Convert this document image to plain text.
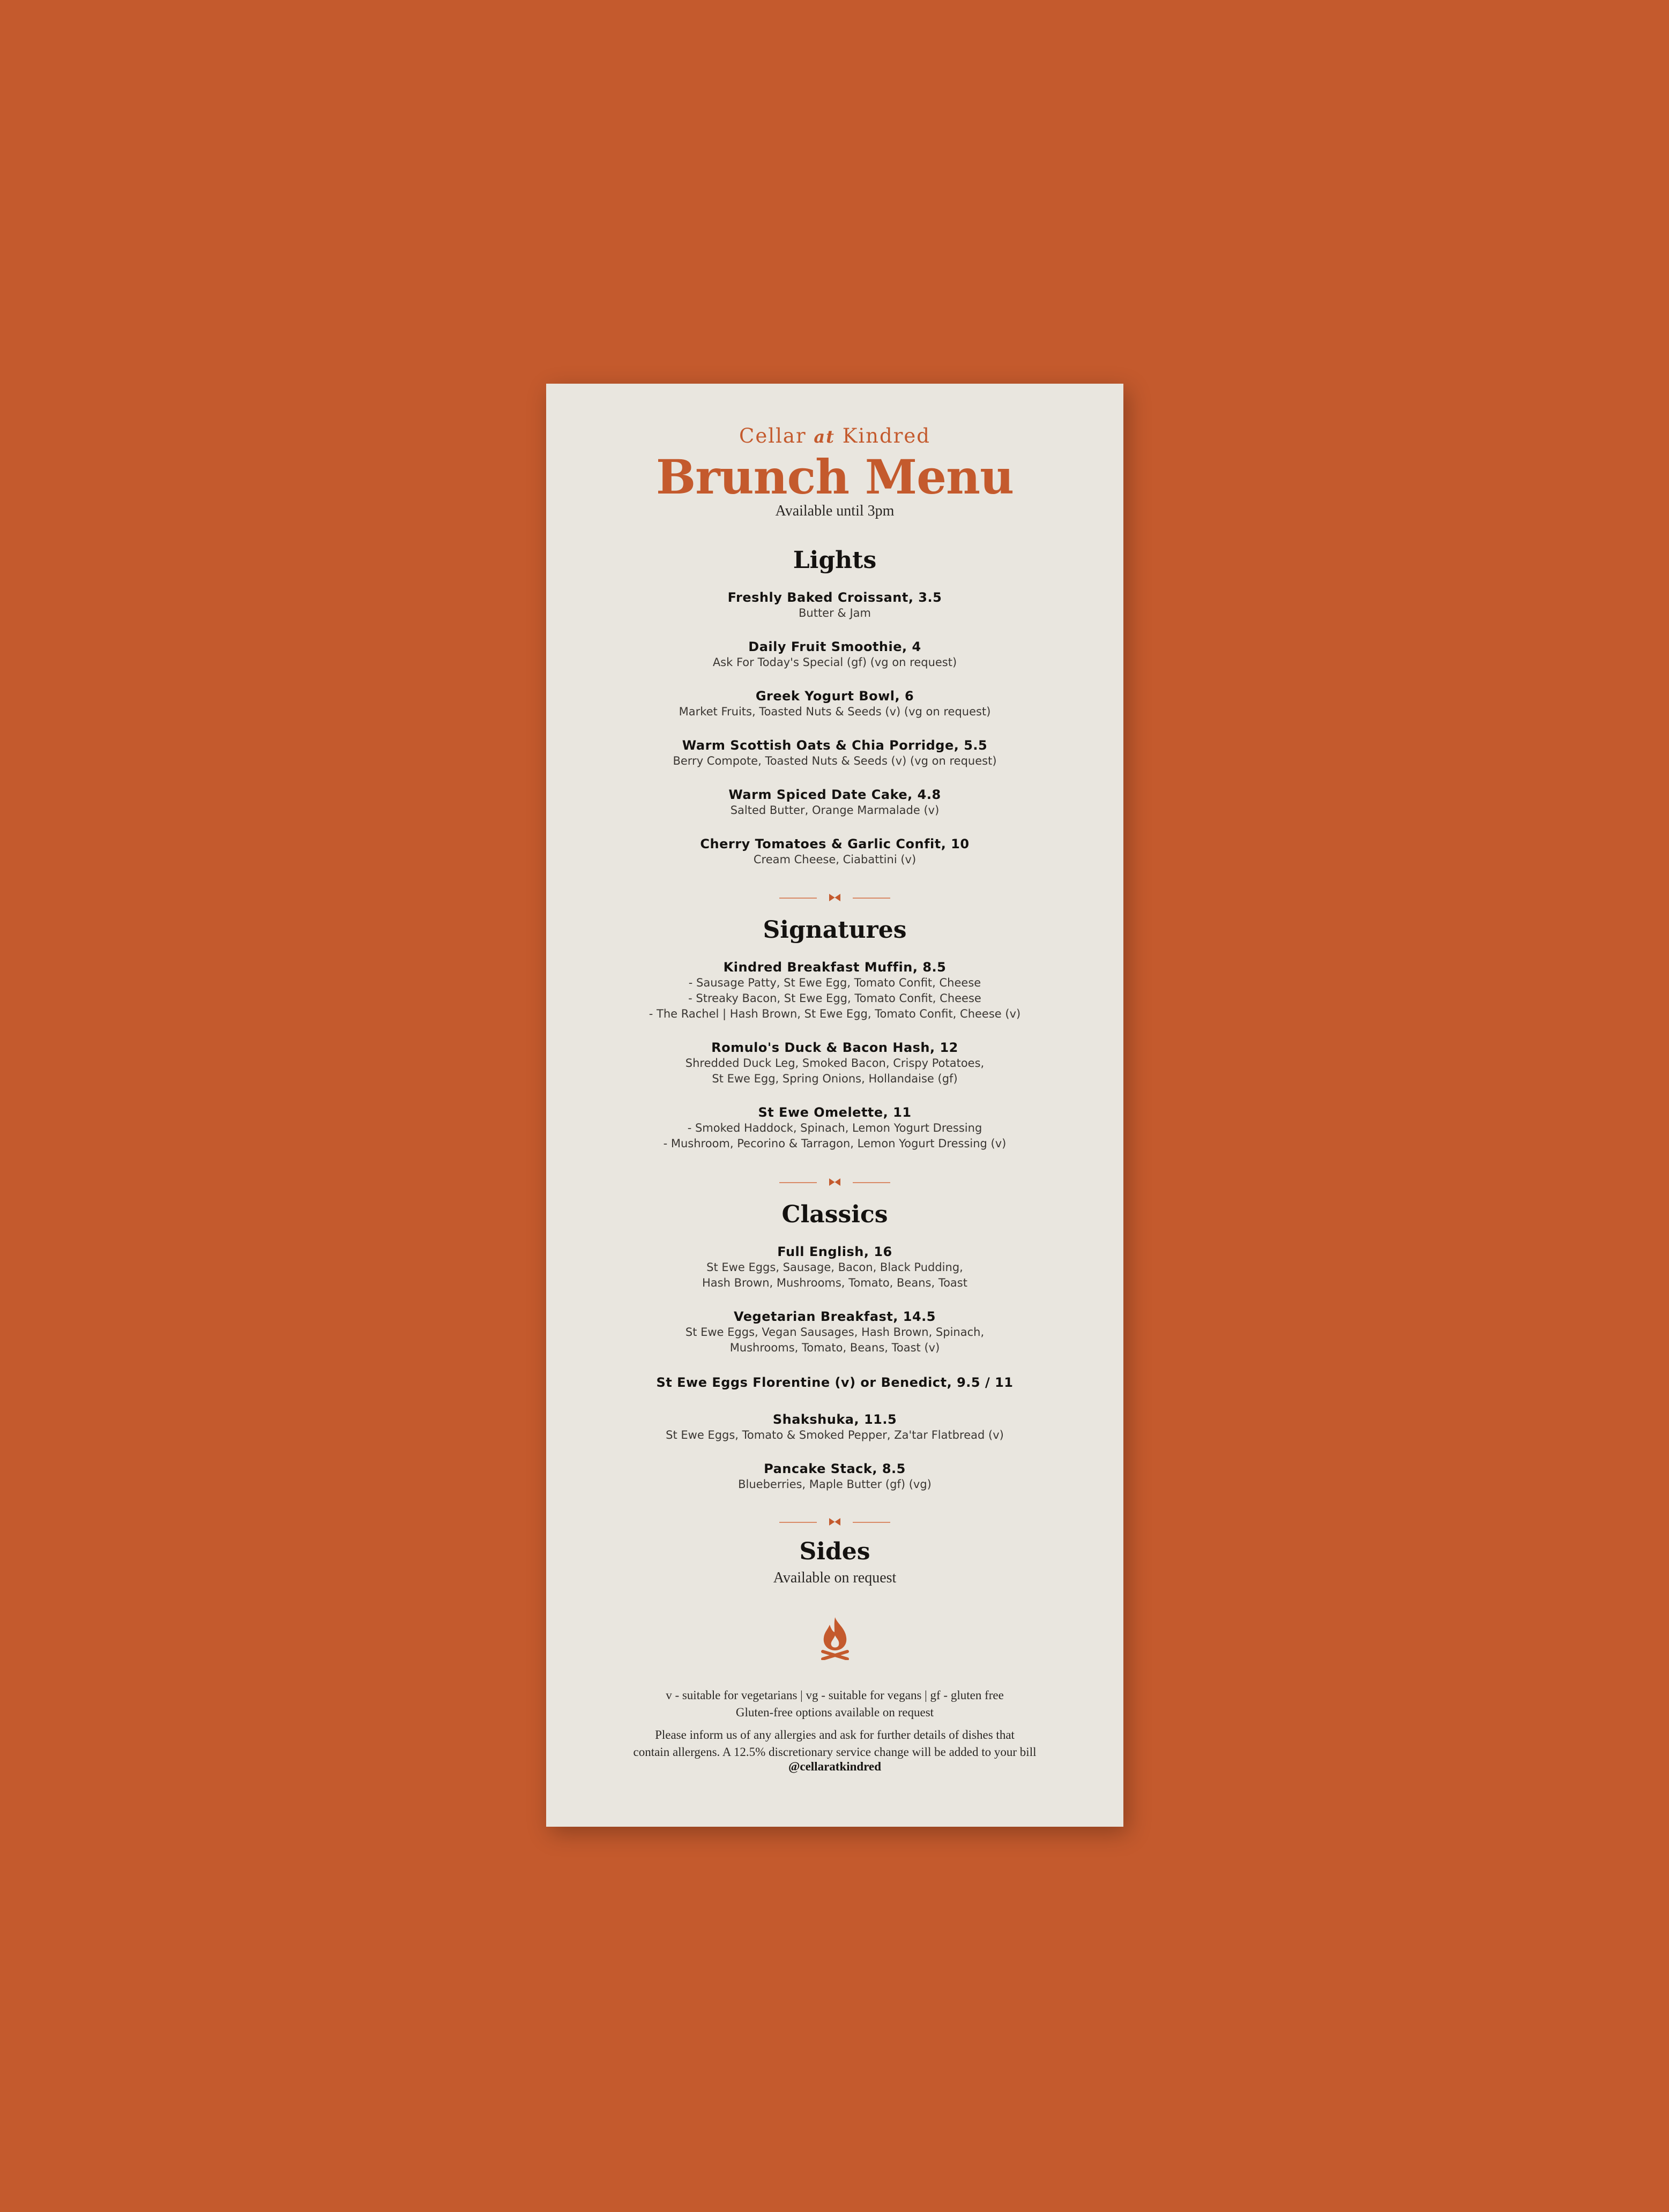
Cellar at Kindred
Brunch Menu
Available until 3pm
Lights
Freshly Baked Croissant, 3.5
Butter & Jam
Daily Fruit Smoothie, 4
Ask For Today's Special (gf) (vg on request)
Greek Yogurt Bowl, 6
Market Fruits, Toasted Nuts & Seeds (v) (vg on request)
Warm Scottish Oats & Chia Porridge, 5.5
Berry Compote, Toasted Nuts & Seeds (v) (vg on request)
Warm Spiced Date Cake, 4.8
Salted Butter, Orange Marmalade (v)
Cherry Tomatoes & Garlic Confit, 10
Cream Cheese, Ciabattini (v)
Signatures
Kindred Breakfast Muffin, 8.5
- Sausage Patty, St Ewe Egg, Tomato Confit, Cheese
- Streaky Bacon, St Ewe Egg, Tomato Confit, Cheese
- The Rachel | Hash Brown, St Ewe Egg, Tomato Confit, Cheese (v)
Romulo's Duck & Bacon Hash, 12
Shredded Duck Leg, Smoked Bacon, Crispy Potatoes,
St Ewe Egg, Spring Onions, Hollandaise (gf)
St Ewe Omelette, 11
- Smoked Haddock, Spinach, Lemon Yogurt Dressing
- Mushroom, Pecorino & Tarragon, Lemon Yogurt Dressing (v)
Classics
Full English, 16
St Ewe Eggs, Sausage, Bacon, Black Pudding,
Hash Brown, Mushrooms, Tomato, Beans, Toast
Vegetarian Breakfast, 14.5
St Ewe Eggs, Vegan Sausages, Hash Brown, Spinach,
Mushrooms, Tomato, Beans, Toast (v)
St Ewe Eggs Florentine (v) or Benedict, 9.5 / 11
Shakshuka, 11.5
St Ewe Eggs, Tomato & Smoked Pepper, Za'tar Flatbread (v)
Pancake Stack, 8.5
Blueberries, Maple Butter (gf) (vg)
Sides
Available on request
v - suitable for vegetarians | vg - suitable for vegans | gf - gluten free
Gluten-free options available on request
Please inform us of any allergies and ask for further details of dishes that
contain allergens. A 12.5% discretionary service change will be added to your bill
@cellaratkindred
